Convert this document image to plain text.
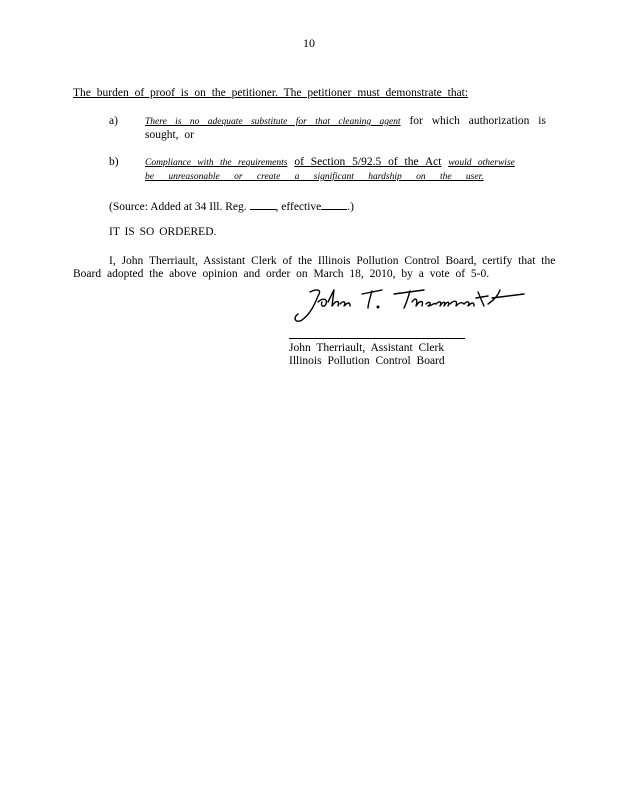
10
The burden of proof is on the petitioner. The petitioner must demonstrate that:
a)	There is no adequate substitute for that cleaning agent for which authorization is
sought, or
b)	Compliance with the requirements of Section 5/92.5 of the Act would otherwise
be unreasonable or create a significant hardship on the user.
(Source: Added at 34 Ill. Reg.	, effective .)
IT IS SO ORDERED.
I, John Therriault, Assistant Clerk of the Illinois Pollution Control Board, certify that the
Board adopted the above opinion and order on March 18, 2010, by a vote of 5-0.
John Therriault, Assistant Clerk
Illinois Pollution Control Board
